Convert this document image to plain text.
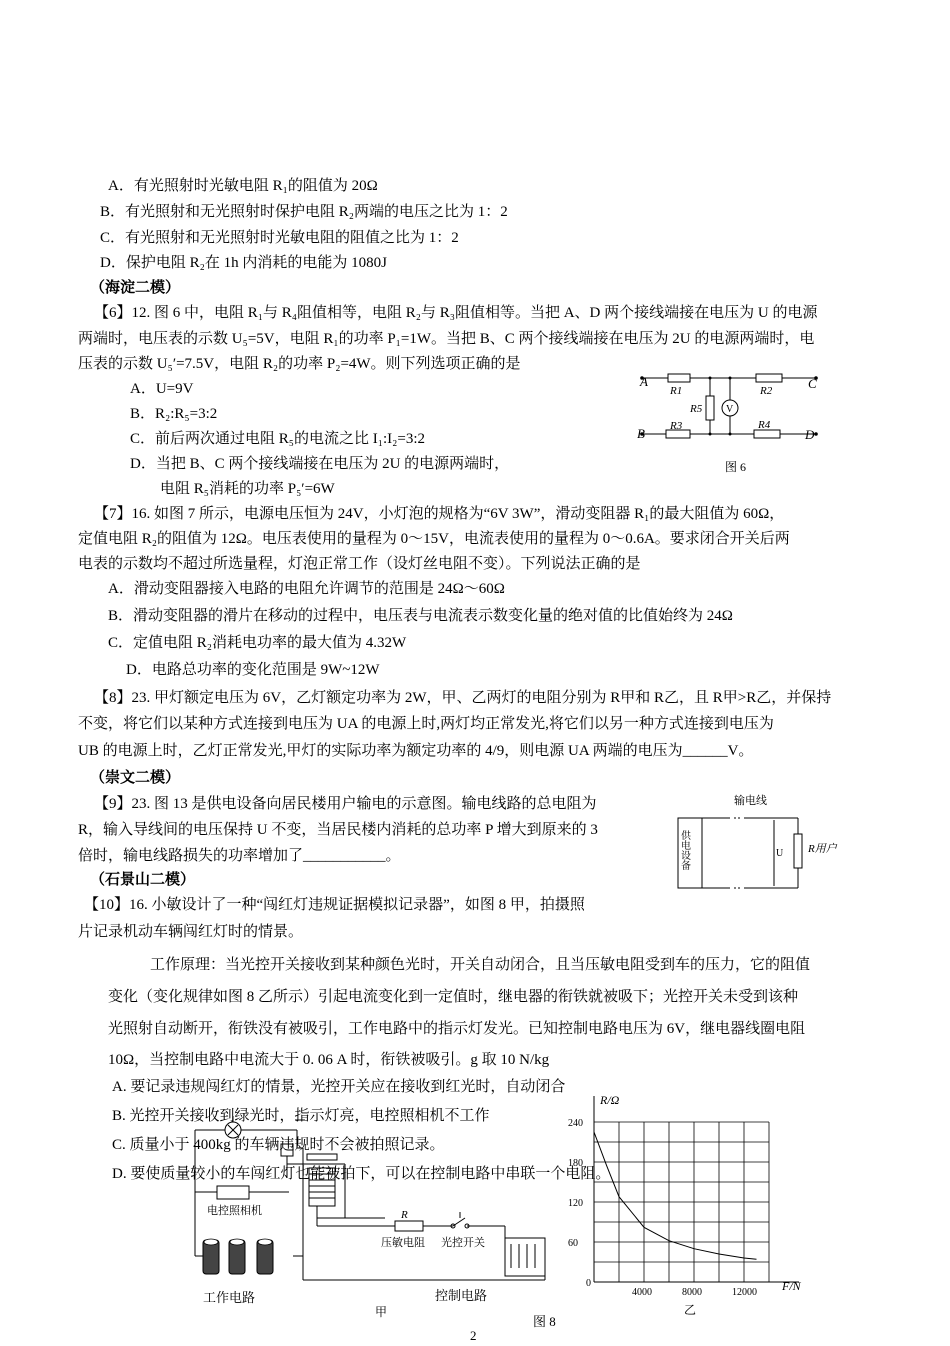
A．有光照射时光敏电阻 R₁的阻值为 20Ω
B．有光照射和无光照射时保护电阻 R₂两端的电压之比为 1：2
C．有光照射和无光照射时光敏电阻的阻值之比为 1：2
D．保护电阻 R₂在 1h 内消耗的电能为 1080J
（海淀二模）
【6】12. 图 6 中，电阻 R₁与 R₄阻值相等，电阻 R₂与 R₃阻值相等。当把 A、D 两个接线端接在电压为 U 的电源
两端时，电压表的示数 U₅=5V，电阻 R₁的功率 P₁=1W。当把 B、C 两个接线端接在电压为 2U 的电源两端时，电
压表的示数 U₅′=7.5V，电阻 R₂的功率 P₂=4W。则下列选项正确的是
A．U=9V
B．R₂:R₅=3:2
C．前后两次通过电阻 R₅的电流之比 I₁:I₂=3:2
D．当把 B、C 两个接线端接在电压为 2U 的电源两端时，
电阻 R₅消耗的功率 P₅′=6W
【7】16. 如图 7 所示，电源电压恒为 24V，小灯泡的规格为“6V 3W”，滑动变阻器 R₁的最大阻值为 60Ω，
定值电阻 R₂的阻值为 12Ω。电压表使用的量程为 0～15V，电流表使用的量程为 0～0.6A。要求闭合开关后两
电表的示数均不超过所选量程，灯泡正常工作（设灯丝电阻不变）。下列说法正确的是
A．滑动变阻器接入电路的电阻允许调节的范围是 24Ω～60Ω
B．滑动变阻器的滑片在移动的过程中，电压表与电流表示数变化量的绝对值的比值始终为 24Ω
C．定值电阻 R₂消耗电功率的最大值为 4.32W
D．电路总功率的变化范围是 9W~12W
【8】23. 甲灯额定电压为 6V，乙灯额定功率为 2W，甲、乙两灯的电阻分别为 R甲和 R乙，且 R甲>R乙，并保持
不变，将它们以某种方式连接到电压为 UA 的电源上时,两灯均正常发光,将它们以另一种方式连接到电压为
UB 的电源上时，乙灯正常发光,甲灯的实际功率为额定功率的 4/9，则电源 UA 两端的电压为______V。
（崇文二模）
【9】23. 图 13 是供电设备向居民楼用户输电的示意图。输电线路的总电阻为
R，输入导线间的电压保持 U 不变，当居民楼内消耗的总功率 P 增大到原来的 3
倍时，输电线路损失的功率增加了___________。
（石景山二模）
【10】16. 小敏设计了一种“闯红灯违规证据模拟记录器”，如图 8 甲，拍摄照
片记录机动车辆闯红灯时的情景。
工作原理：当光控开关接收到某种颜色光时，开关自动闭合，且当压敏电阻受到车的压力，它的阻值
变化（变化规律如图 8 乙所示）引起电流变化到一定值时，继电器的衔铁就被吸下；光控开关未受到该种
光照射自动断开，衔铁没有被吸引，工作电路中的指示灯发光。已知控制电路电压为 6V，继电器线圈电阻
10Ω，当控制电路中电流大于 0. 06 A 时，衔铁被吸引。g 取 10 N/kg
A. 要记录违规闯红灯的情景，光控开关应在接收到红光时，自动闭合
B. 光控开关接收到绿光时，指示灯亮，电控照相机不工作
C. 质量小于 400kg 的车辆违规时不会被拍照记录。
D. 要使质量较小的车闯红灯也能被拍下，可以在控制电路中串联一个电阻。
A	C
B	D
R1	R2
R3	R4
R5 V
图 6
输电线
供电设备	U R用户
电控照相机	R
压敏电阻 光控开关
工作电路	控制电路
甲
0
4000	8000	12000
60
120
180
240
R/Ω
F/N
乙
图 8
2
